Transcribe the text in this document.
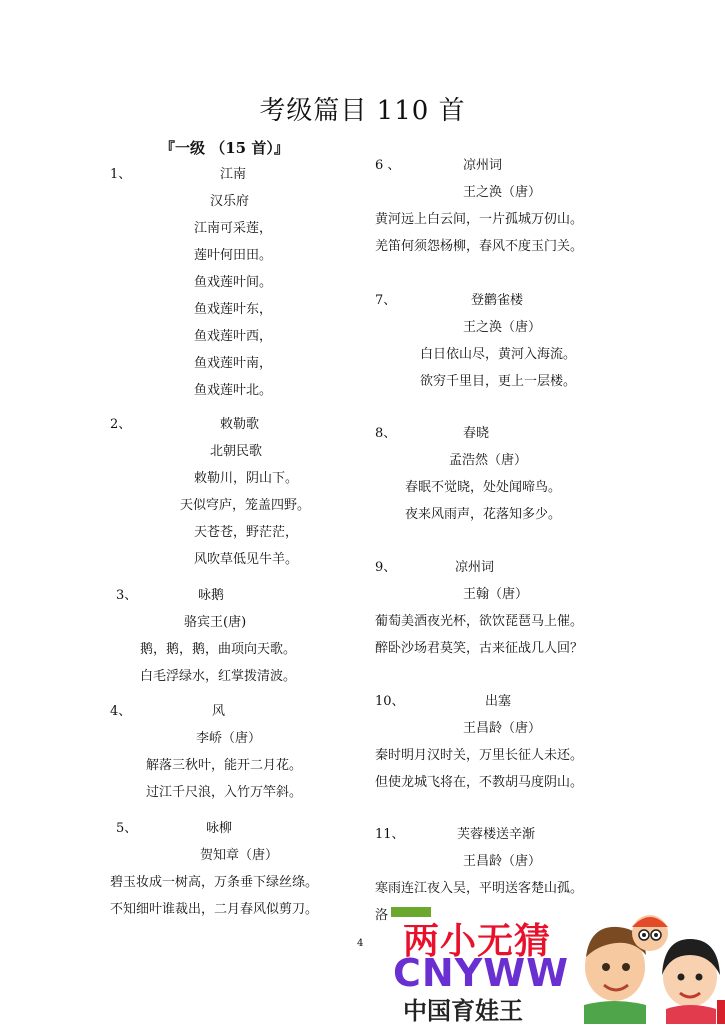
考级篇目 110 首
『一级 （15 首）』
1、	江南
汉乐府
江南可采莲，
莲叶何田田。
鱼戏莲叶间。
鱼戏莲叶东，
鱼戏莲叶西，
鱼戏莲叶南，
鱼戏莲叶北。
2、	敕勒歌
北朝民歌
敕勒川，阴山下。
天似穹庐，笼盖四野。
天苍苍，野茫茫，
风吹草低见牛羊。
3、	咏鹅
骆宾王(唐)
鹅，鹅，鹅，曲项向天歌。
白毛浮绿水，红掌拨清波。
4、	风
李峤（唐）
解落三秋叶，能开二月花。
过江千尺浪，入竹万竿斜。
5、	咏柳
贺知章（唐）
碧玉妆成一树高，万条垂下绿丝绦。
不知细叶谁裁出，二月春风似剪刀。
6 、	凉州词
王之涣（唐）
黄河远上白云间，一片孤城万仞山。
羌笛何须怨杨柳，春风不度玉门关。
7、	登鹳雀楼
王之涣（唐）
白日依山尽，黄河入海流。
欲穷千里目，更上一层楼。
8、	春晓
孟浩然（唐）
春眠不觉晓，处处闻啼鸟。
夜来风雨声，花落知多少。
9、	凉州词
王翰（唐）
葡萄美酒夜光杯，欲饮琵琶马上催。
醉卧沙场君莫笑，古来征战几人回？
10、	出塞
王昌龄（唐）
秦时明月汉时关，万里长征人未还。
但使龙城飞将在，不教胡马度阴山。
11、	芙蓉楼送辛渐
王昌龄（唐）
寒雨连江夜入吴，平明送客楚山孤。
洛
4 两小无猜
CNYWW
中国育娃王
